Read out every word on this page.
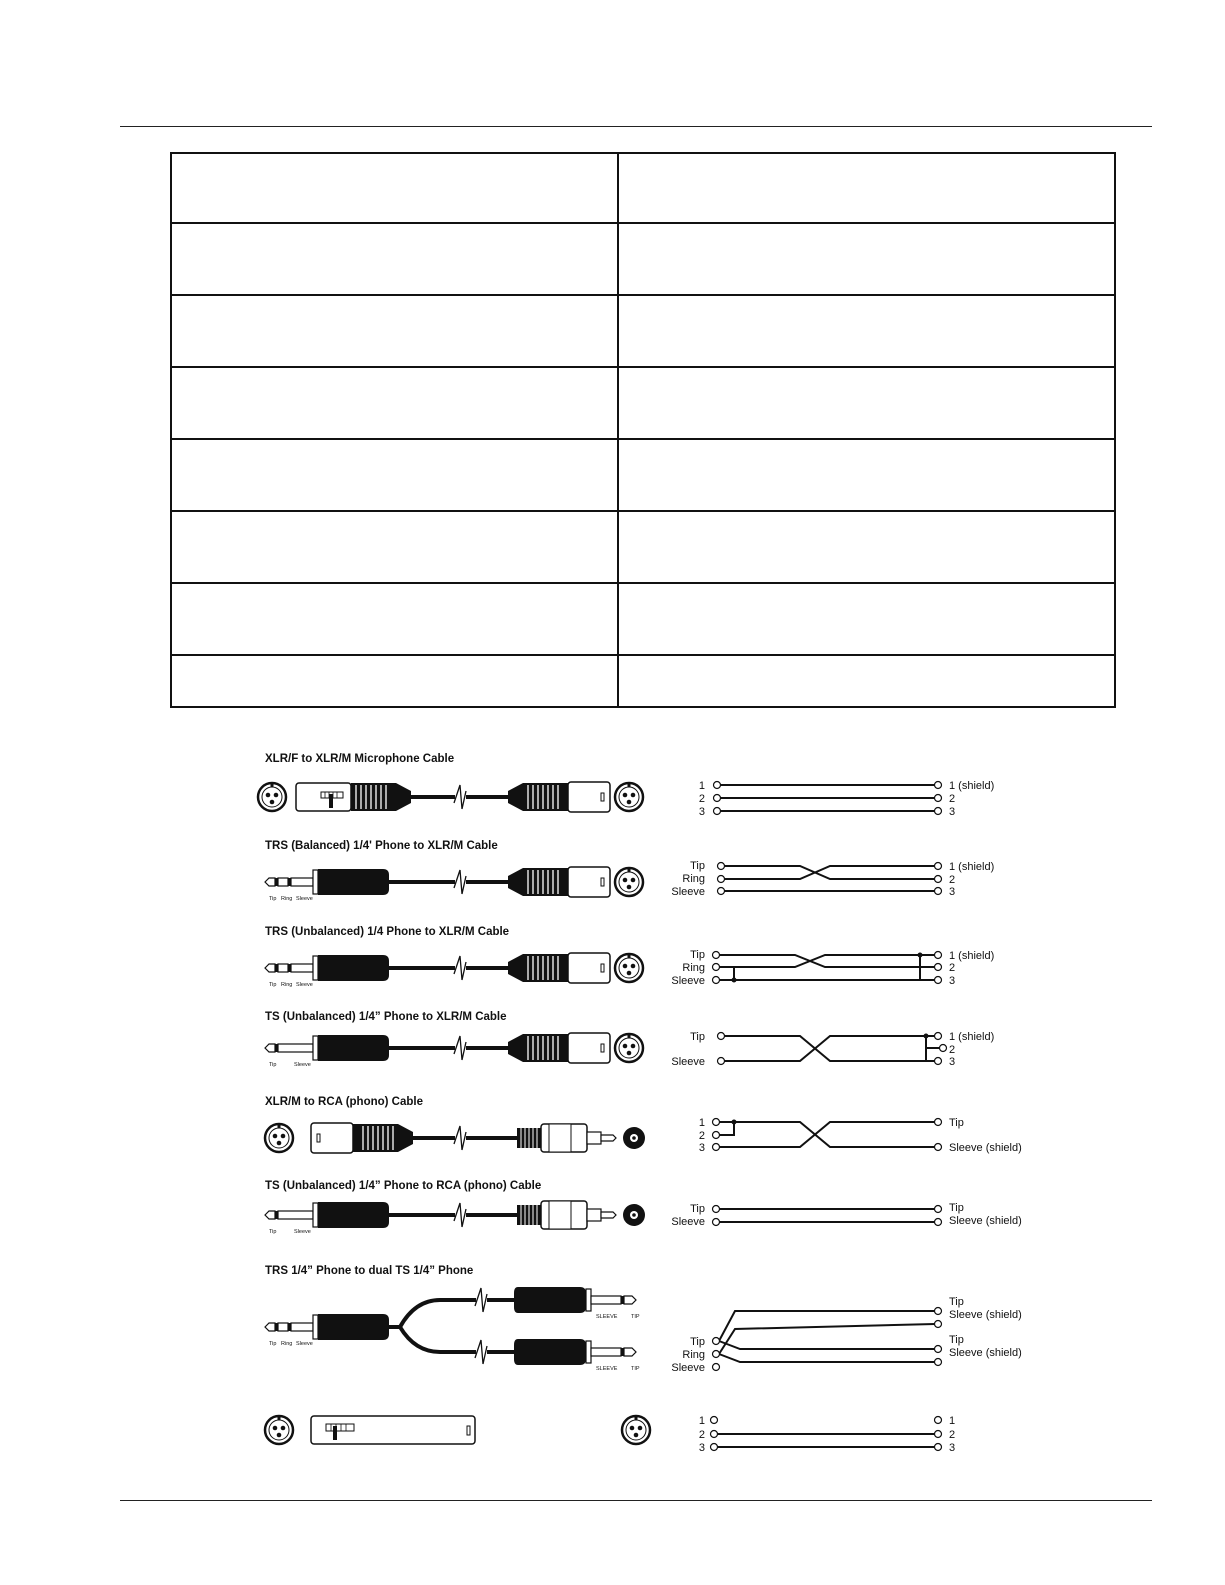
XLR/F to XLR/M Microphone Cable
TRS (Balanced) 1/4' Phone to XLR/M Cable
TRS (Unbalanced) 1/4 Phone to XLR/M Cable
TS (Unbalanced) 1/4” Phone to XLR/M Cable
XLR/M to RCA (phono) Cable
TS (Unbalanced) 1/4” Phone to RCA (phono) Cable
TRS 1/4” Phone to dual TS 1/4” Phone
Tip Ring Sleeve
Tip Ring Sleeve
Tip	Sleeve
Tip	Sleeve
Tip Ring Sleeve
SLEEVE TIP
SLEEVE TIP
1
2
3
1 (shield)
2
3
Tip
Ring
Sleeve
1 (shield)
2
3
Tip
Ring
Sleeve
1 (shield)
2
3
Tip
Sleeve
1 (shield)
2
3
1
2
3
Tip
Sleeve (shield)
Tip
Sleeve
Tip
Sleeve (shield)
Tip
Ring
Sleeve
Tip
Sleeve (shield)
Tip
Sleeve (shield)
1
2
3
1
2
3
